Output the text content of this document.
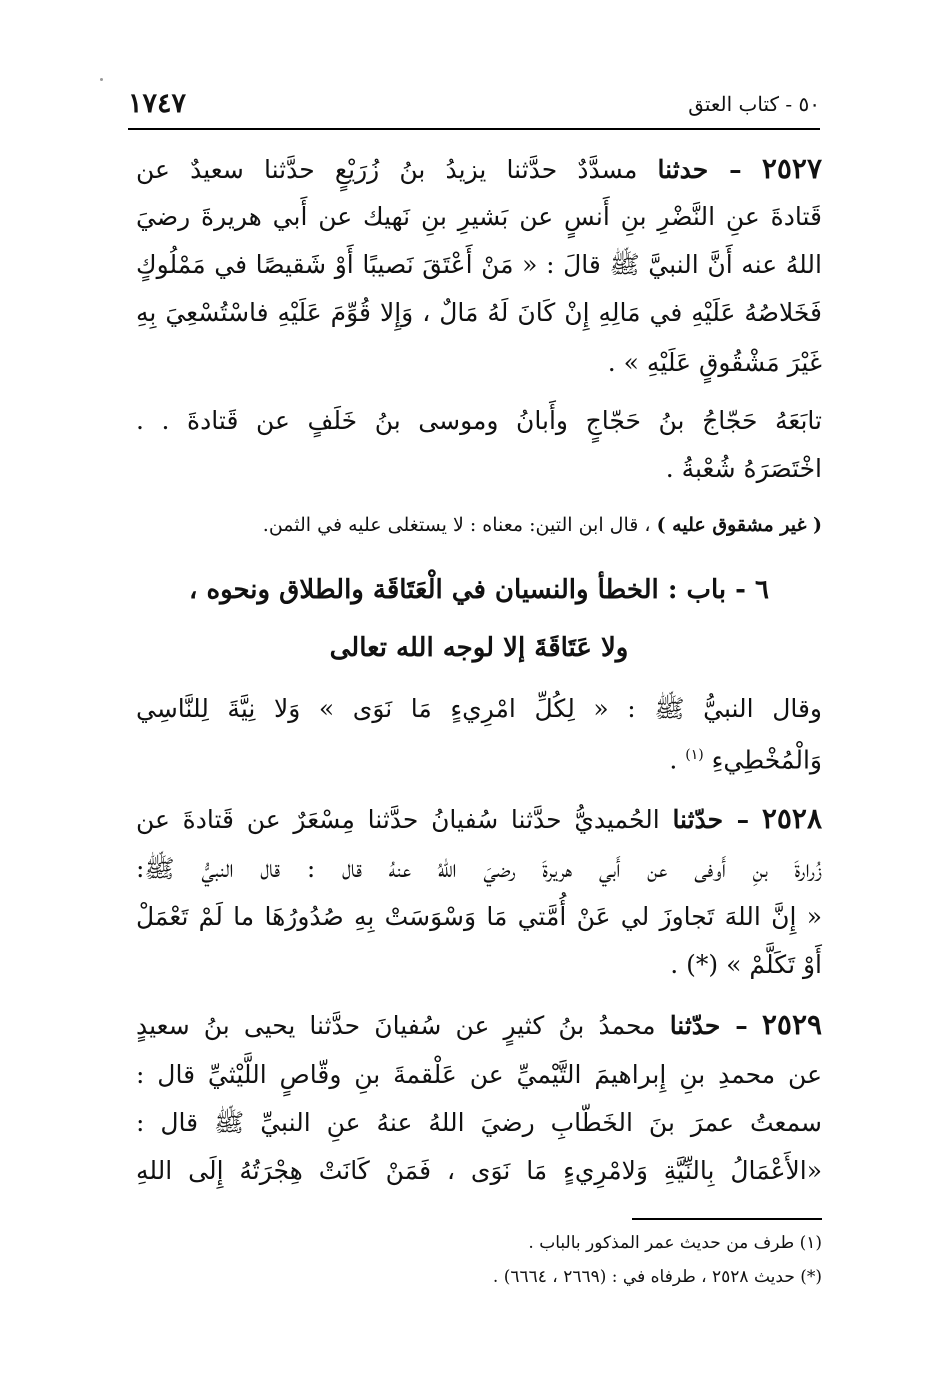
٥٠ - كتاب العتق
١٧٤٧
٢٥٢٧ – حدثنا مسدَّدٌ حدَّثنا يزيدُ بنُ زُرَيْعٍ حدَّثنا سعيدٌ عن
قَتادةَ عنِ النَّضْرِ بنِ أَنسٍ عن بَشيرِ بنِ نَهيك عن أَبي هريرةَ رضيَ
اللهُ عنه أَنَّ النبيَّ ﷺ قالَ : « مَنْ أَعْتَقَ نَصيبًا أَوْ شَقيصًا في مَمْلُوكٍ
فَخَلاصُهُ عَلَيْهِ في مَالِهِ إِنْ كَانَ لَهُ مَالٌ ، وَإِلا قُوِّمَ عَلَيْهِ فاسْتُسْعِيَ بِهِ
غَيْرَ مَشْقُوقٍ عَلَيْهِ » .
تابَعَهُ حَجّاجُ بنُ حَجّاجٍ وأَبانُ وموسى بنُ خَلَفٍ عن قَتادةَ . .
اخْتَصَرَهُ شُعْبةُ .
( غير مشقوق عليه ) ، قال ابن التين: معناه : لا يستغلى عليه في الثمن.
٦ - باب : الخطأ والنسيان في الْعَتَاقَة والطلاق ونحوه ،
ولا عَتَاقَةَ إلا لوجه الله تعالى
وقال النبيُّ ﷺ : « لِكُلِّ امْرِيءٍ مَا نَوَى » وَلا نِيَّةَ لِلنَّاسِي
وَالْمُخْطِيءِ $^{(١)}$ .
٢٥٢٨ – حدّثنا الحُميديُّ حدَّثنا سُفيانُ حدَّثنا مِسْعَرٌ عن قَتادةَ عن
زُرارةَ بنِ أَوفى عن أَبي هريرةَ رضيَ اللهُ عنهُ قال : قال النبيُّ ﷺ:
« إِنَّ اللهَ تَجاوزَ لي عَنْ أُمَّتي مَا وَسْوَسَتْ بِهِ صُدُورُهَا ما لَمْ تَعْمَلْ
أَوْ تَكَلَّمْ » (*) .
٢٥٢٩ – حدّثنا محمدُ بنُ كثيرٍ عن سُفيانَ حدَّثنا يحيى بنُ سعيدٍ
عن محمدِ بنِ إِبراهيمَ التَّيْميِّ عن عَلْقمةَ بنِ وقّاصٍ اللَّيْثيِّ قال :
سمعتُ عمرَ بنَ الخَطّابِ رضيَ اللهُ عنهُ عنِ النبيِّ ﷺ قال :
«الأَعْمَالُ بِالنِّيَّةِ وَلامْرِيءٍ مَا نَوَى ، فَمَنْ كَانَتْ هِجْرَتُهُ إِلَى اللهِ
(١) طرف من حديث عمر المذكور بالباب .
(*) حديث ٢٥٢٨ ، طرفاه في : (٢٦٦٩ ، ٦٦٦٤) .
